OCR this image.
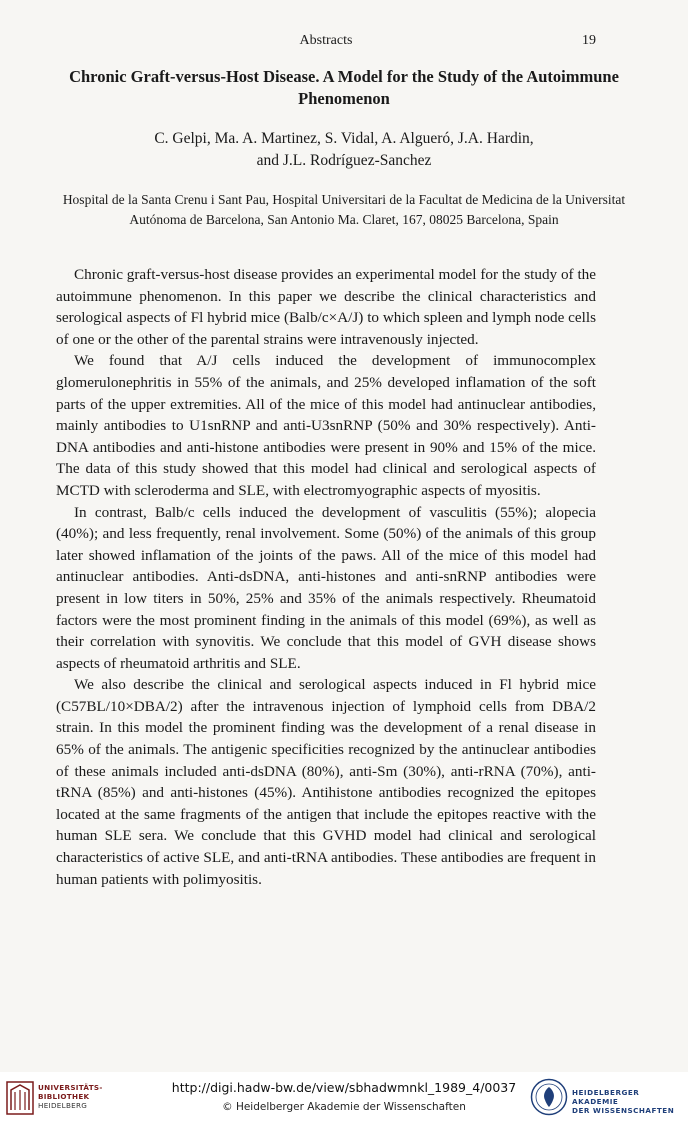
Abstracts	19
Chronic Graft-versus-Host Disease. A Model for the Study of the Autoimmune Phenomenon
C. Gelpi, Ma. A. Martinez, S. Vidal, A. Algueró, J.A. Hardin,
and J.L. Rodríguez-Sanchez
Hospital de la Santa Crenu i Sant Pau, Hospital Universitari de la Facultat de Medicina de la Universitat Autónoma de Barcelona, San Antonio Ma. Claret, 167, 08025 Barcelona, Spain

Chronic graft-versus-host disease provides an experimental model for the study of the autoimmune phenomenon. In this paper we describe the clinical characteristics and serological aspects of Fl hybrid mice (Balb/c×A/J) to which spleen and lymph node cells of one or the other of the parental strains were intravenously injected.

We found that A/J cells induced the development of immunocomplex glomerulonephritis in 55% of the animals, and 25% developed inflamation of the soft parts of the upper extremities. All of the mice of this model had antinuclear antibodies, mainly antibodies to U1snRNP and anti-U3snRNP (50% and 30% respectively). Anti-DNA antibodies and anti-histone antibodies were present in 90% and 15% of the mice. The data of this study showed that this model had clinical and serological aspects of MCTD with scleroderma and SLE, with electromyographic aspects of myositis.

In contrast, Balb/c cells induced the development of vasculitis (55%); alopecia (40%); and less frequently, renal involvement. Some (50%) of the animals of this group later showed inflamation of the joints of the paws. All of the mice of this model had antinuclear antibodies. Anti-dsDNA, anti-histones and anti-snRNP antibodies were present in low titers in 50%, 25% and 35% of the animals respectively. Rheumatoid factors were the most prominent finding in the animals of this model (69%), as well as their correlation with synovitis. We conclude that this model of GVH disease shows aspects of rheumatoid arthritis and SLE.

We also describe the clinical and serological aspects induced in Fl hybrid mice (C57BL/10×DBA/2) after the intravenous injection of lymphoid cells from DBA/2 strain. In this model the prominent finding was the development of a renal disease in 65% of the animals. The antigenic specificities recognized by the antinuclear antibodies of these animals included anti-dsDNA (80%), anti-Sm (30%), anti-rRNA (70%), anti-tRNA (85%) and anti-histones (45%). Antihistone antibodies recognized the epitopes located at the same fragments of the antigen that include the epitopes reactive with the human SLE sera. We conclude that this GVHD model had clinical and serological characteristics of active SLE, and anti-tRNA antibodies. These antibodies are frequent in human patients with polimyositis.

UNIVERSITÄTS-
BIBLIOTHEK
HEIDELBERG
http://digi.hadw-bw.de/view/sbhadwmnkl_1989_4/0037
© Heidelberger Akademie der Wissenschaften
HEIDELBERGER AKADEMIE
DER WISSENSCHAFTEN
